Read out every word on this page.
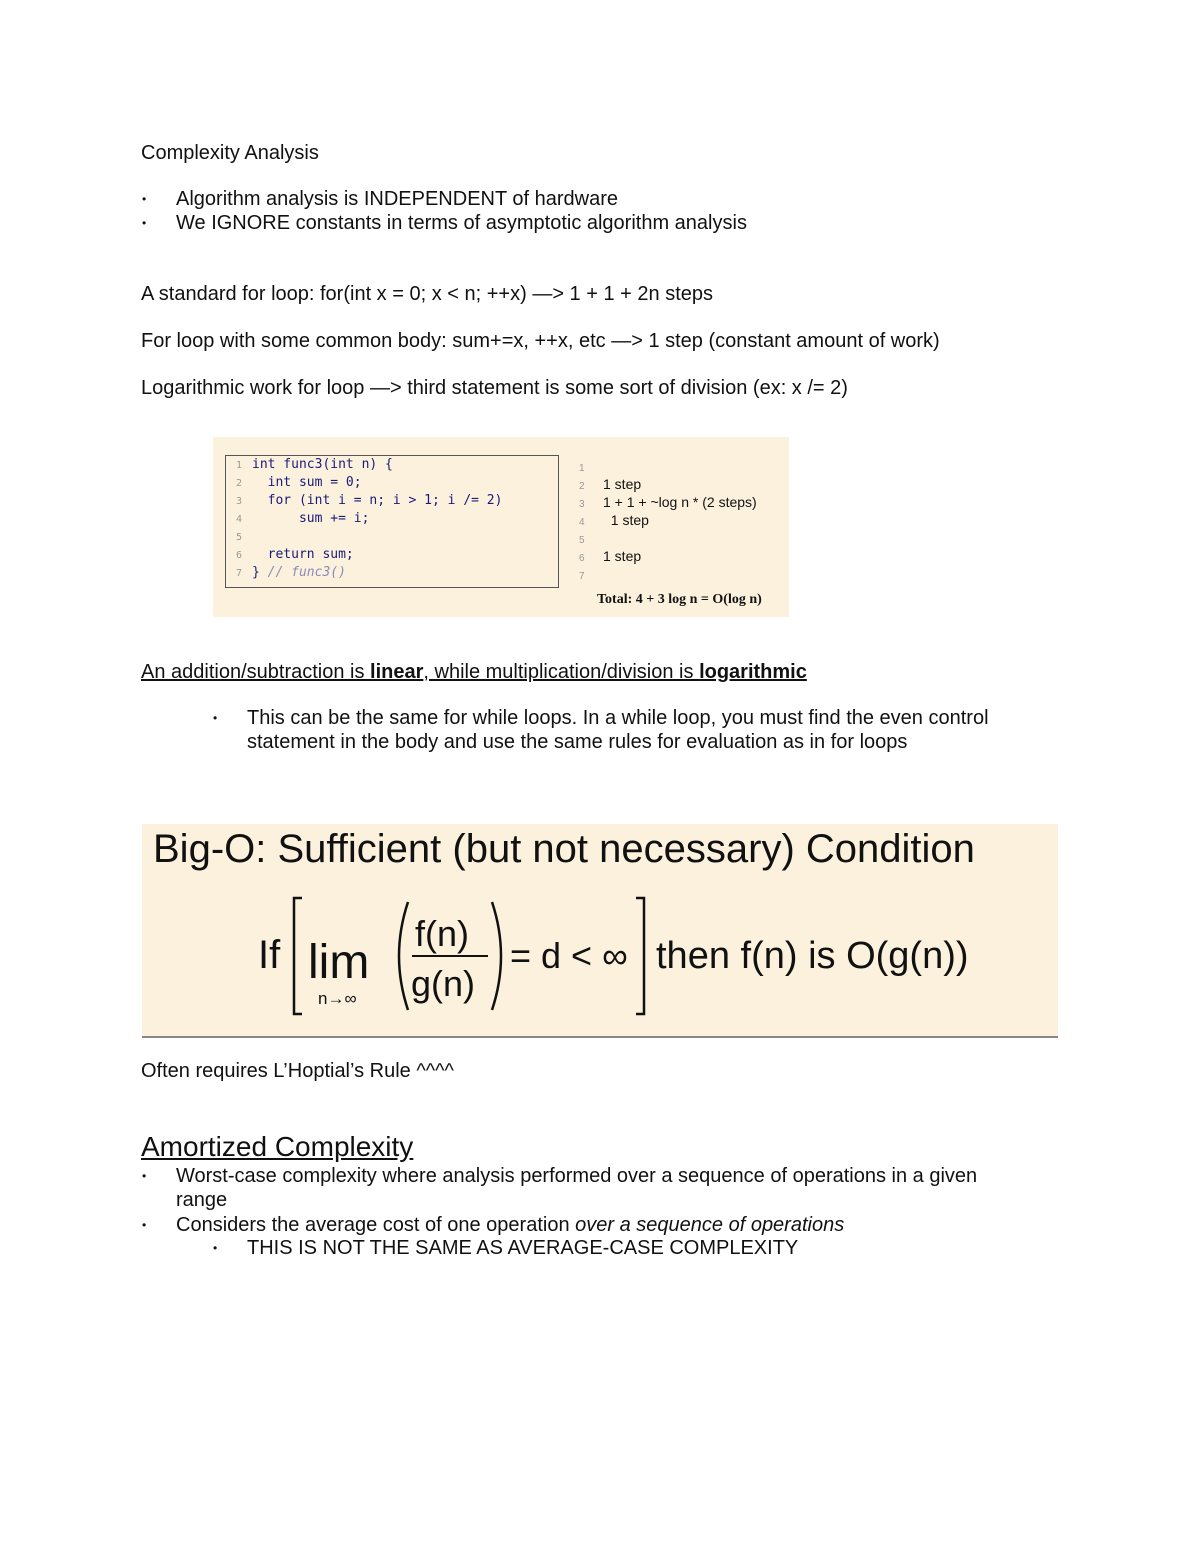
Complexity Analysis
• Algorithm analysis is INDEPENDENT of hardware
• We IGNORE constants in terms of asymptotic algorithm analysis
A standard for loop: for(int x = 0; x < n; ++x) —> 1 + 1 + 2n steps
For loop with some common body: sum+=x, ++x, etc —> 1 step (constant amount of work)
Logarithmic work for loop —> third statement is some sort of division (ex: x /= 2)
1 int func3(int n) {
2  int sum = 0;
3  for (int i = n; i > 1; i /= 2)
4      sum += i;
5
6  return sum;
7 } // func3()
1
2 1 step
3 1 + 1 + ~log n * (2 steps)
4  1 step
5
6 1 step
7
Total: 4 + 3 log n = O(log n)
An addition/subtraction is linear, while multiplication/division is logarithmic
• This can be the same for while loops. In a while loop, you must find the even control
statement in the body and use the same rules for evaluation as in for loops
Big-O: Sufficient (but not necessary) Condition
If lim
n→∞
f(n)
g(n)
= d < ∞ then f(n) is O(g(n))
Often requires L’Hoptial’s Rule ^^^^
Amortized Complexity
• Worst-case complexity where analysis performed over a sequence of operations in a given
range
• Considers the average cost of one operation over a sequence of operations
• THIS IS NOT THE SAME AS AVERAGE-CASE COMPLEXITY
